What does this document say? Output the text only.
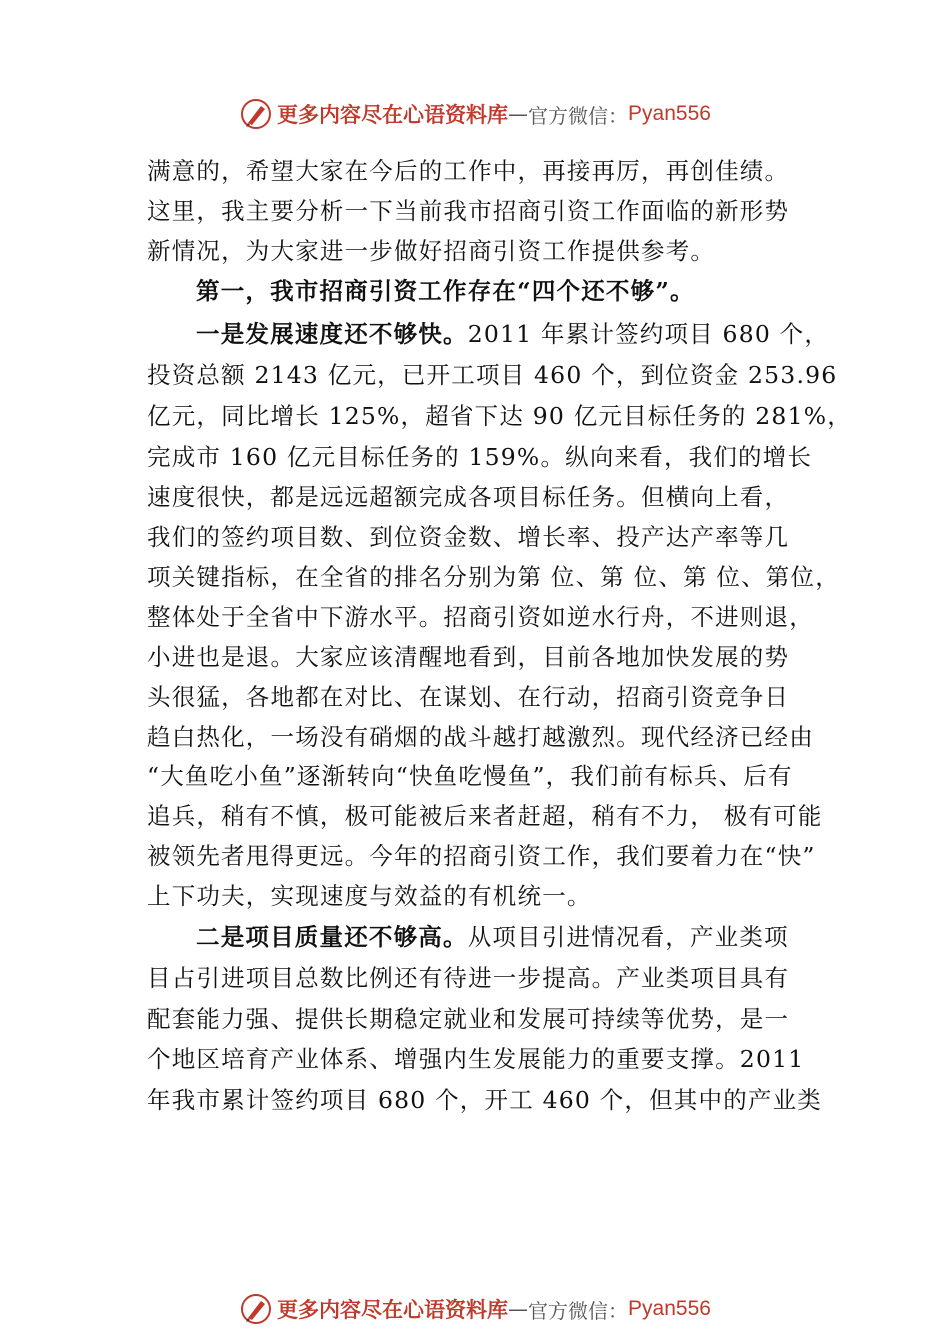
更多内容尽在心语资料库 — 官方微信： Pyan556
满意的，希望大家在今后的工作中，再接再厉，再创佳绩。
这里，我主要分析一下当前我市招商引资工作面临的新形势
新情况，为大家进一步做好招商引资工作提供参考。
第一，我市招商引资工作存在“四个还不够”。
一是发展速度还不够快。2011 年累计签约项目 680 个，
投资总额 2143 亿元，已开工项目 460 个，到位资金 253.96
亿元，同比增长 125%，超省下达 90 亿元目标任务的 281%，
完成市 160 亿元目标任务的 159%。纵向来看，我们的增长
速度很快，都是远远超额完成各项目标任务。但横向上看，
我们的签约项目数、到位资金数、增长率、投产达产率等几
项关键指标，在全省的排名分别为第 位、第 位、第 位、第位，
整体处于全省中下游水平。招商引资如逆水行舟，不进则退，
小进也是退。大家应该清醒地看到，目前各地加快发展的势
头很猛，各地都在对比、在谋划、在行动，招商引资竞争日
趋白热化，一场没有硝烟的战斗越打越激烈。现代经济已经由
“大鱼吃小鱼”逐渐转向“快鱼吃慢鱼”，我们前有标兵、后有
追兵，稍有不慎，极可能被后来者赶超，稍有不力， 极有可能
被领先者甩得更远。今年的招商引资工作，我们要着力在“快”
上下功夫，实现速度与效益的有机统一。
二是项目质量还不够高。从项目引进情况看，产业类项
目占引进项目总数比例还有待进一步提高。产业类项目具有
配套能力强、提供长期稳定就业和发展可持续等优势，是一
个地区培育产业体系、增强内生发展能力的重要支撑。2011
年我市累计签约项目 680 个，开工 460 个，但其中的产业类
更多内容尽在心语资料库 — 官方微信： Pyan556
